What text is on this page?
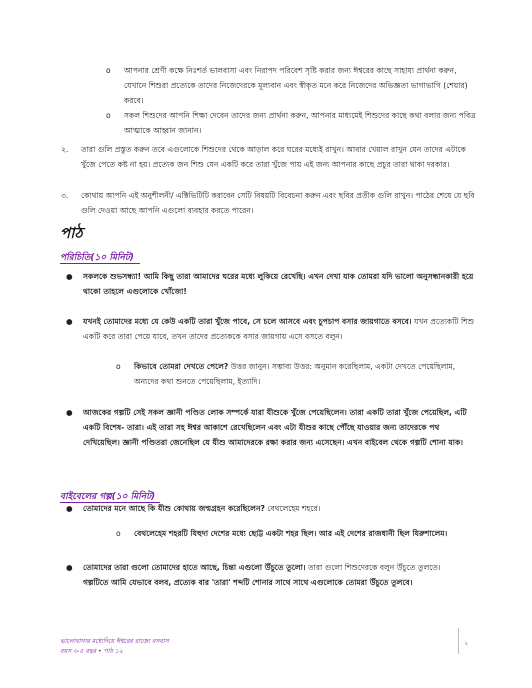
o আপনার শ্রেণী কক্ষে নিঃশর্ত ভালবাসা এবং নিরাপদ পরিবেশ সৃষ্টি করার জন্য ঈশ্বরের কাছে সাহায্য প্রার্থনা করুন, যেখানে শিশুরা প্রত্যেকে তাদের নিজেদেরকে মূল্যবান এবং স্বীকৃত মনে করে নিজেদের অভিজ্ঞতা ভাগাভাগি (শেয়ার) করবে।

o সকল শিশুদের আপনি শিক্ষা দেবেন তাদের জন্য প্রার্থনা করুন, আপনার মাধ্যমেই শিশুদের কাছে কথা বলার জন্য পবিত্র আত্মাকে আহ্বান জানান।

২. তারা গুলি প্রস্তুত করুন তবে এগুলোকে শিশুদের থেকে আড়াল করে ঘরের মধ্যেই রাখুন। আবার খেয়াল রাখুন যেন তাদের এটাকে খুঁজে পেতে কষ্ট না হয়। প্রত্যেক জন শিশু যেন একটি করে তারা খুঁজে পায় এই জন্য আপনার কাছে প্রচুর তারা থাকা দরকার।

৩. কোথায় আপনি এই অনুশীলনী/ এক্টিভিটিটি করাবেন সেটি বিষয়টি বিবেচনা করুন এবং ছবির প্রতীক গুলি রাখুন। পাঠের শেষে যে ছবি গুলি দেওয়া আছে আপনি এগুলো ব্যবহার করতে পারেন।

পাঠ
পরিচিতি(১০ মিনিট)
● সকলকে শুভসন্ধ্যা! আমি কিছু তারা আমাদের ঘরের মধ্যে লুকিয়ে রেখেছি। এখন দেখা যাক তোমরা যদি ভালো অনুসন্ধানকারী হয়ে থাকো তাহলে এগুলোকে খোঁজো!

● যখনই তোমাদের মধ্যে যে কেউ একটি তারা খুঁজে পাবে, সে চলে আসবে এবং চুপচাপ বসার জায়গাতে বসবে। যখন প্রত্যেকটি শিশু একটি করে তারা পেয়ে যাবে, তখন তাদের প্রত্যেককে বসার জায়গায় এসে বসতে বলুন।

o কিভাবে তোমরা দেখতে পেলে? উত্তর জানুন। সম্ভাব্য উত্তর: অনুমান করেছিলাম, একটা দেখতে পেয়েছিলাম, অন্যদের কথা শুনতে পেয়েছিলাম, ইত্যাদি।

● আজকের গল্পটি সেই সকল জ্ঞানী পণ্ডিত লোক সম্পর্কে যারা যীশুকে খুঁজে পেয়েছিলেন। তারা একটি তারা খুঁজে পেয়েছিল, এটি একটি বিশেষ- তারা। এই তারা সহ ঈশ্বর আকাশে রেখেছিলেন এবং এটা যীশুর কাছে পৌঁছে যাওয়ার জন্য তাদেরকে পথ দেখিয়েছিল। জ্ঞানী পণ্ডিতরা জেনেছিল যে যীশু আমাদেরকে রক্ষা করার জন্য এসেছেন। এখন বাইবেল থেকে গল্পটি শোনা যাক।

বাইবেলের গল্প(১০ মিনিট)
● তোমাদের মনে আছে কি যীশু কোথায় জন্মগ্রহন করেছিলেন? বেথলেহেম শহরে।

o বেথলেহেম শহরটি যিহুদা দেশের মধ্যে ছোট্ট একটা শহর ছিল। আর এই দেশের রাজধানী ছিল যিরুশালেম।

● তোমাদের তারা গুলো তোমাদের হাতে আছে, চিন্তা এগুলো উঁচুতে তুলো। তারা গুলো শিশুদেরকে বলুন উঁচুতে তুলতে।
গল্পটিতে আমি যেভাবে বলব, প্রত্যেক বার 'তারা' শব্দটি শোনার সাথে সাথে এগুলোকে তোমরা উঁচুতে তুলবে।

ভালোবাসার মধ্যেদিয়ে ঈশ্বরের রাজ্যে বসবাস
বয়স ৩-৫ বছর • পাঠ ১২
২
